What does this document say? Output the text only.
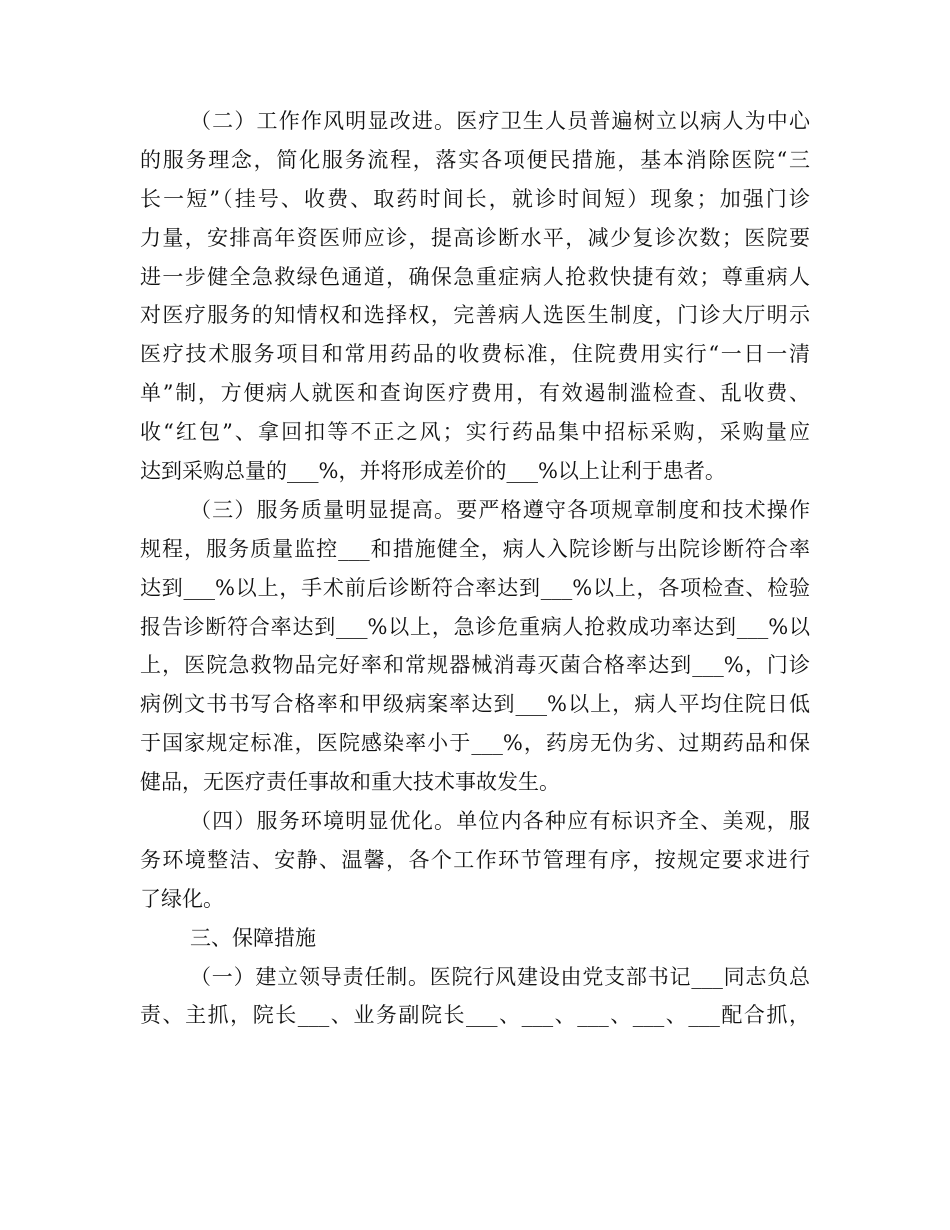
（二）工作作风明显改进。医疗卫生人员普遍树立以病人为中心
的服务理念，简化服务流程，落实各项便民措施，基本消除医院“三
长一短”（挂号、收费、取药时间长，就诊时间短）现象；加强门诊
力量，安排高年资医师应诊，提高诊断水平，减少复诊次数；医院要
进一步健全急救绿色通道，确保急重症病人抢救快捷有效；尊重病人
对医疗服务的知情权和选择权，完善病人选医生制度，门诊大厅明示
医疗技术服务项目和常用药品的收费标准，住院费用实行“一日一清
单”制，方便病人就医和查询医疗费用，有效遏制滥检查、乱收费、
收“红包”、拿回扣等不正之风；实行药品集中招标采购，采购量应
达到采购总量的___%，并将形成差价的___%以上让利于患者。
（三）服务质量明显提高。要严格遵守各项规章制度和技术操作
规程，服务质量监控___和措施健全，病人入院诊断与出院诊断符合率
达到___%以上，手术前后诊断符合率达到___%以上，各项检查、检验
报告诊断符合率达到___%以上，急诊危重病人抢救成功率达到___%以
上，医院急救物品完好率和常规器械消毒灭菌合格率达到___%，门诊
病例文书书写合格率和甲级病案率达到___%以上，病人平均住院日低
于国家规定标准，医院感染率小于___%，药房无伪劣、过期药品和保
健品，无医疗责任事故和重大技术事故发生。
（四）服务环境明显优化。单位内各种应有标识齐全、美观，服
务环境整洁、安静、温馨，各个工作环节管理有序，按规定要求进行
了绿化。
三、保障措施
（一）建立领导责任制。医院行风建设由党支部书记___同志负总
责、主抓，院长___、业务副院长___、___、___、___、___配合抓，
